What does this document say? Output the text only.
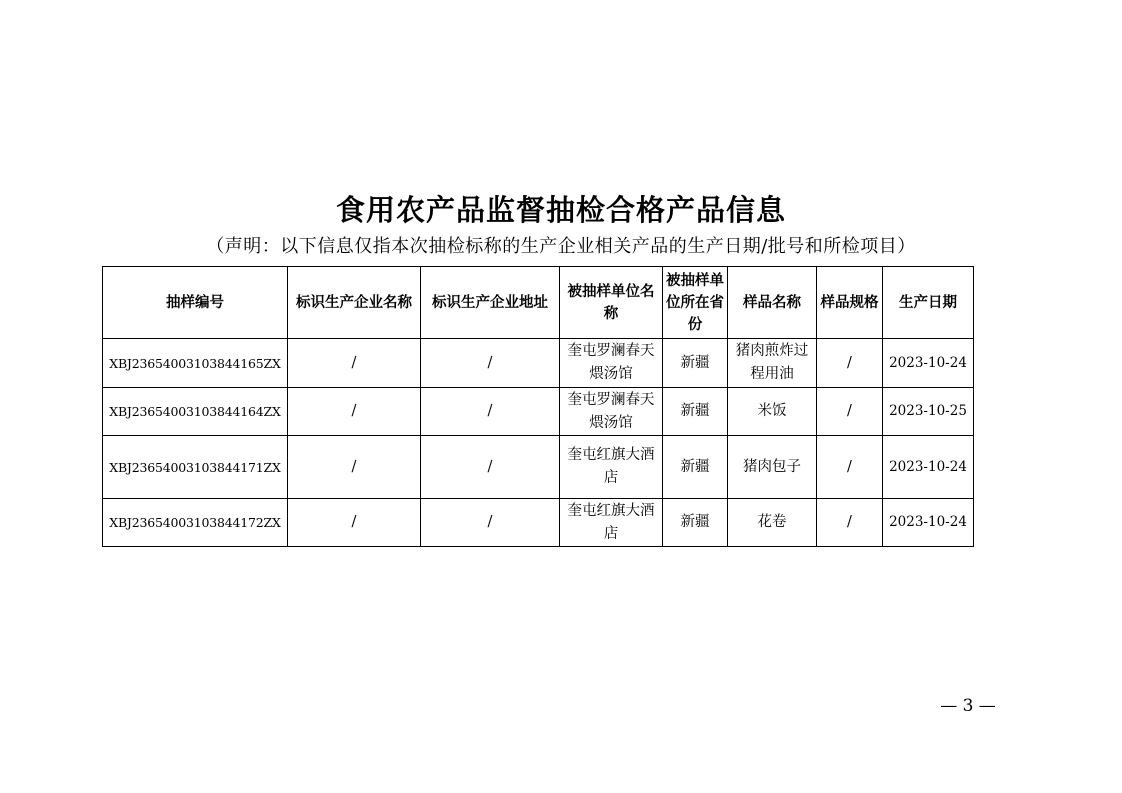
食用农产品监督抽检合格产品信息
（声明：以下信息仅指本次抽检标称的生产企业相关产品的生产日期/批号和所检项目）
抽样编号	标识生产企业名称	标识生产企业地址	被抽样单位名称	被抽样单位所在省份	样品名称	样品规格	生产日期
XBJ23654003103844165ZX	/	/	奎屯罗澜春天煨汤馆	新疆	猪肉煎炸过程用油	/	2023-10-24
XBJ23654003103844164ZX	/	/	奎屯罗澜春天煨汤馆	新疆	米饭	/	2023-10-25
XBJ23654003103844171ZX	/	/	奎屯红旗大酒店	新疆	猪肉包子	/	2023-10-24
XBJ23654003103844172ZX	/	/	奎屯红旗大酒店	新疆	花卷	/	2023-10-24
— 3 —
